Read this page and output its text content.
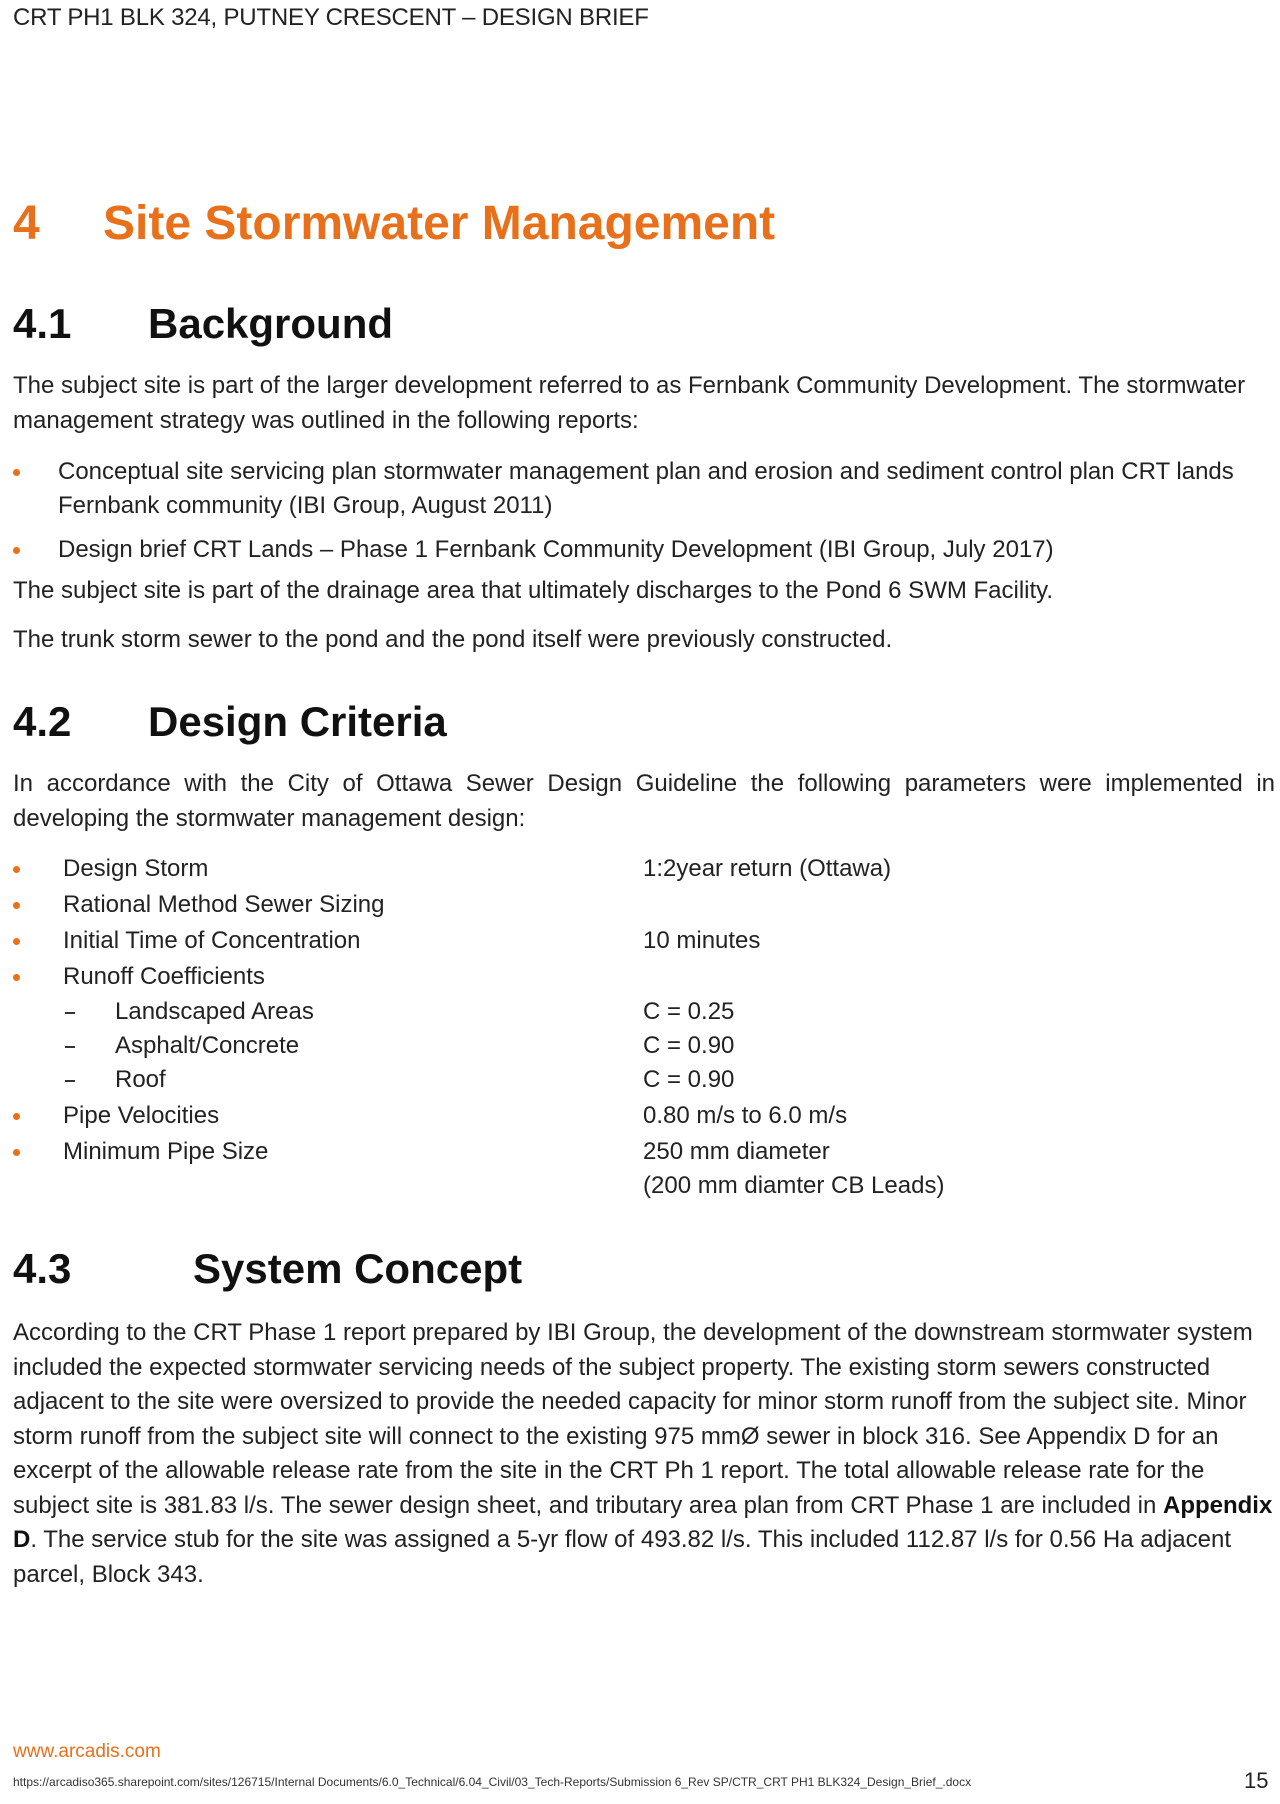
CRT PH1 BLK 324, PUTNEY CRESCENT – DESIGN BRIEF
4 Site Stormwater Management
4.1 Background
The subject site is part of the larger development referred to as Fernbank Community Development. The stormwater management strategy was outlined in the following reports:
Conceptual site servicing plan stormwater management plan and erosion and sediment control plan CRT lands Fernbank community (IBI Group, August 2011)
Design brief CRT Lands – Phase 1 Fernbank Community Development (IBI Group, July 2017)
The subject site is part of the drainage area that ultimately discharges to the Pond 6 SWM Facility.
The trunk storm sewer to the pond and the pond itself were previously constructed.
4.2 Design Criteria
In accordance with the City of Ottawa Sewer Design Guideline the following parameters were implemented in developing the stormwater management design:
Design Storm	1:2year return (Ottawa)
Rational Method Sewer Sizing
Initial Time of Concentration	10 minutes
Runoff Coefficients
Landscaped Areas	C = 0.25
Asphalt/Concrete	C = 0.90
Roof	C = 0.90
Pipe Velocities	0.80 m/s to 6.0 m/s
Minimum Pipe Size	250 mm diameter
(200 mm diamter CB Leads)
4.3	System Concept
According to the CRT Phase 1 report prepared by IBI Group, the development of the downstream stormwater system included the expected stormwater servicing needs of the subject property. The existing storm sewers constructed adjacent to the site were oversized to provide the needed capacity for minor storm runoff from the subject site. Minor storm runoff from the subject site will connect to the existing 975 mmØ sewer in block 316. See Appendix D for an excerpt of the allowable release rate from the site in the CRT Ph 1 report. The total allowable release rate for the subject site is 381.83 l/s. The sewer design sheet, and tributary area plan from CRT Phase 1 are included in Appendix D. The service stub for the site was assigned a 5-yr flow of 493.82 l/s. This included 112.87 l/s for 0.56 Ha adjacent parcel, Block 343.
www.arcadis.com
https://arcadiso365.sharepoint.com/sites/126715/Internal Documents/6.0_Technical/6.04_Civil/03_Tech-Reports/Submission 6_Rev SP/CTR_CRT PH1 BLK324_Design_Brief_.docx	15
